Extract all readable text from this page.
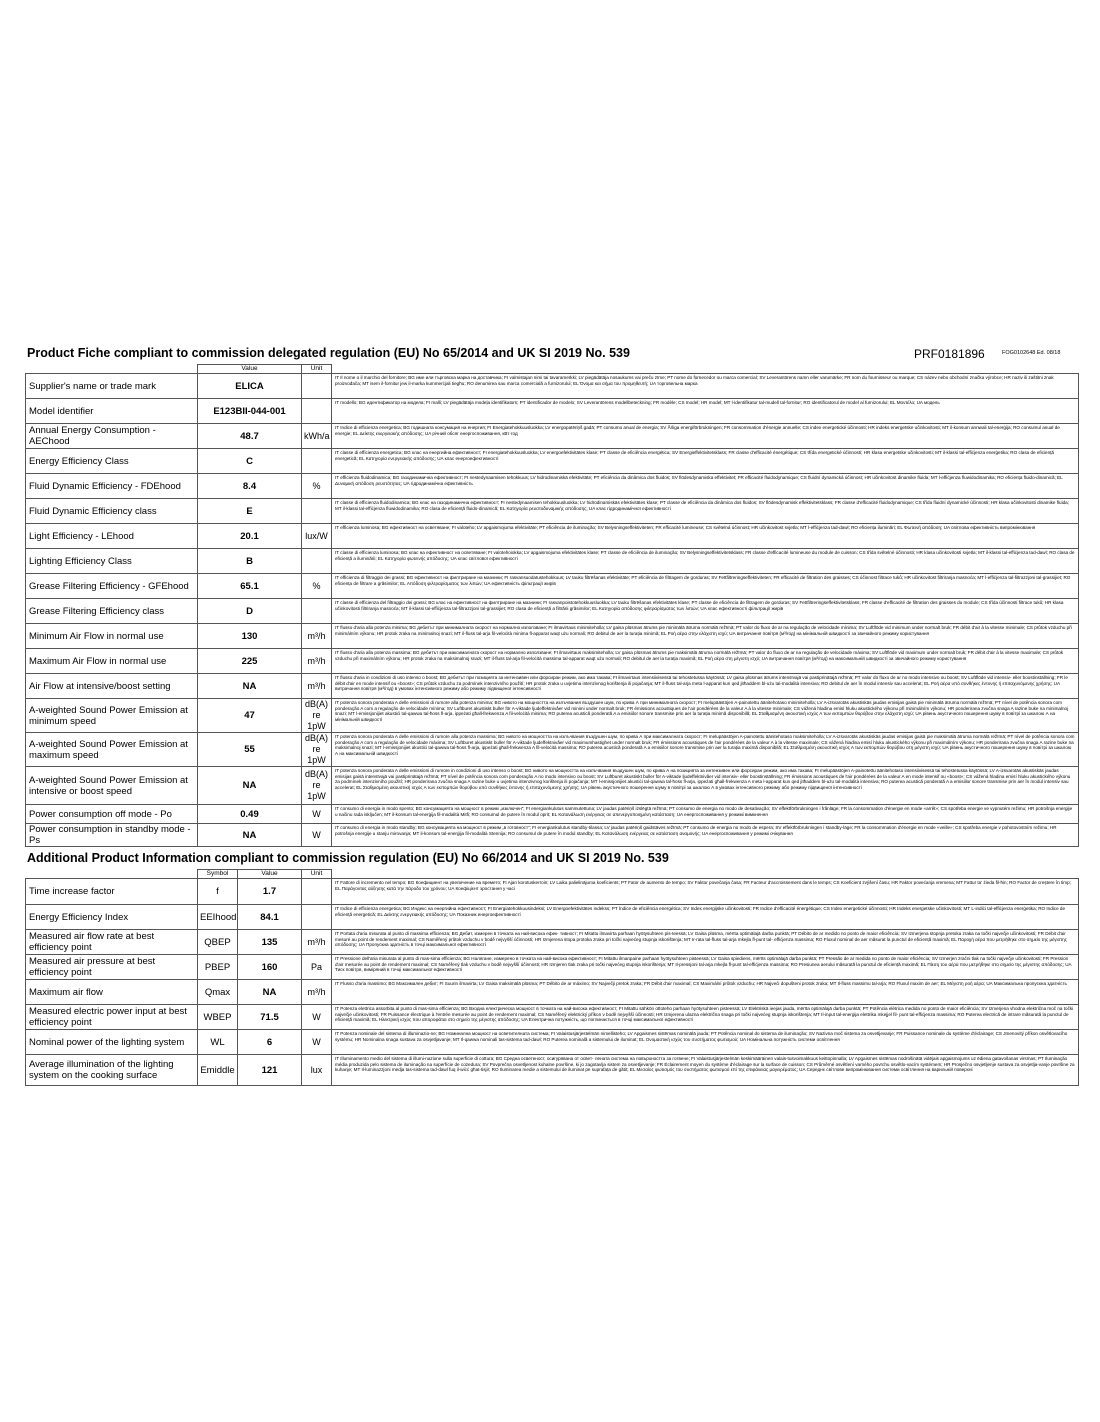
Product Fiche compliant to commission delegated regulation (EU) No 65/2014 and UK SI 2019 No. 539	PRF0181896	FOG0102648 Ed. 08/18
	Value	Unit	
Supplier's name or trade mark	ELICA		IT Il nome o il marchio del fornitore; BG име или търговска марка на доставчика; FI valmistajan nimi tai tavaramerkki; LV piegādātāja nosaukums vai preču zīme; PT nome do fornecedor ou marca comercial; SV Leverantörens namn eller varumärke; FR nom du fournisseur ou marque; CS název nebo obchodní značka výrobce; HR naziv ili zaštitni znak proizvođača; MT isem il-fornitur jew il-marka kummerċjali tiegħu; RO denumirea sau marca comercială a furnizorului; EL Όνομα και σήμα του προμηθευτή; UA торговельна марка
Model identifier	E123BII-044-001		IT modello; BG идентификатор на модела; FI malli; LV piegādātāja modeļa identifikators; PT identificador de modelo; SV Leverantörens modellbeteckning; FR modèle; CS model; HR model; MT l-identifikatur tal-mudell tal-fornitur; RO identificatorul de model al furnizorului; EL Μοντέλο; UA модель
Annual Energy Consumption - AEChood	48.7	kWh/a	IT Indice di efficienza energetica; BG годишната консумация на енергия; FI Energiatehokkuusluokka; LV energopatēriņš gadā; PT consumo anual de energia; SV Årliga energiförbrukningen; FR consommation d'énergie annuelle; CS index energetické účinnosti; HR indeks energetske učinkovitosti; MT il-konsum annwali tal-enerġija; RO consumul anual de energie; EL Δείκτης ενεργειακής απόδοσης; UA річний обсяг енергоспоживання, кВт·год
Energy Efficiency Class	C		IT classe di efficienza energetica; BG клас на енергийна ефективност; FI energiatehokkuusluokka; LV energoefektivitātes klase; PT classe de eficiência energética; SV Energieffektivitetsklass; FR classe d'efficacité énergétique; CS třída energetické účinnosti; HR klasa energetske učinkovitosti; MT il-klassi tal-effiċjenza enerġetika; RO clasa de eficiență energetică; EL Κατηγορία ενεργειακής απόδοσης; UA клас енергоефективності
Fluid Dynamic Efficiency - FDEhood	8.4	%	IT efficienza fluidodinamica; BG газодинамична ефективност; FI nestedynaamisen tehokkuus; LV hidrodinamiskā efektivitāte; PT eficiência da dinâmica dos fluidos; SV flödesdynamiska effektivitet; FR efficacité fluidodynamique; CS fluidní dynamická účinnost; HR učinkovitost dinamike fluida; MT l-effiċjenza fluwidodinamika; RO eficiența fluido-dinamică; EL Δυναμική απόδοση ρευστότητας; UA гідродинамічна ефективність
Fluid Dynamic Efficiency class	E		IT classe di efficienza fluidodinamica; BG клас на газодинамична ефективност; FI nestedynaamisen tehokkuusluokka; LV hidrodinamiskās efektivitātes klase; PT classe de eficiência da dinâmica dos fluidos; SV flödesdynamisk effektivitetsklass; FR classe d'efficacité fluidodynamique; CS třída fluidní dynamické účinnosti; HR klasa učinkovitosti dinamike fluida; MT il-klassi tal-effiċjenza fluwidodinamika; RO clasa de eficiență fluido-dinamică; EL Κατηγορία ρευστοδυναμικής απόδοσης; UA клас гідродинамічної ефективності
Light Efficiency - LEhood	20.1	lux/W	IT efficienza luminosa; BG ефективност на осветяване; FI valotehо; LV apgaismojuma efektivitāte; PT eficiência de iluminação; SV Belysningseffektiviteten; FR efficacité lumineuse; CS světelná účinnost; HR učinkovitost svjetla; MT l-effiċjenza tad-dawl; RO eficiența iluminări; EL Φωτεινή απόδοση; UA світлова ефективність випромінювання
Lighting Efficiency Class	B		IT classe di efficienza luminosa; BG клас на ефективност на осветяване; FI valotehoiokka; LV apgaismojuma efektivitātes klase; PT classe de eficiência de iluminação; SV Belysningseffektivitetsklass; FR classe d'efficacité lumineuse du module de cuisson; CS třída světelné účinnosti; HR klasa učinkovitosti svjetla; MT il-klassi tal-effiċjenza tad-dawl; RO clasa de eficiență a iluminării; EL Κατηγορία φωτεινής απόδοσης; UA клас світлової ефективності
Grease Filtering Efficiency - GFEhood	65.1	%	IT efficienza di filtraggio dei grassi; BG ефективност на филтриране на мазнини; FI rasvansuodatustehokkuus; LV tauku filtrēšanas efektivitāte; PT eficiência de filtragem de gorduras; SV Fettfiltreringseffektiviteten; FR efficacité de filtration des graisses; CS účinnost filtrace tuků; HR učinkovitost filtriranja masnoća; MT l-effiċjenza tal-filtrazzjoni tal-grassijiet; RO eficiența de filtrare a grăsimilor; EL Απόδοση φιλτραρίσματος των λιπών; UA ефективність фільтрації жирів
Grease Filtering Efficiency class	D		IT classe di efficienza del filtraggio dei grassi; BG клас на ефективност на филтриране на мазнини; FI rasvanpoistotehokkuusluokka; LV tauku filtrēšanas efektivitātes klase; PT classe de eficiência de filtragem de gorduras; SV Fettfiltreringseffektivitetsklass; FR classe d'efficacité de filtration des graisses du module; CS třída účinnosti filtrace tuků; HR klasa učinkovitosti filtriranja masnoća; MT il-klassi tal-effiċjenza tal-filtrazzjoni tal-grassijiet; RO clasa de eficiență a filtrării grăsimilor; EL Κατηγορία απόδοσης φιλτραρίσματος των λιπών; UA клас ефективності фільтрації жирів
Minimum Air Flow in normal use	130	m³/h	IT flusso d'aria alla potenza minima; BG дебитът при минималната скорост на нормално използване; FI ilmavirtaus minimiteholla; LV gaisa plūsmas ātrums pie minimālā ātruma normālā režīmā; PT valor do fluxo de ar na regulação de velocidade mínima; SV Luftflöde vid minimum under normalt bruk; FR débit d'air à la vitesse minimale; CS průtok vzduchu při minimálním výkonu; HR protok zraka na minimalnoj snazi; MT il-fluss tal-arja fil-veloċità minima fl-apparat waqt użu normali; RO debitul de aer la turația minimă; EL Ροή αέρα στην ελάχιστη ισχύ; UA витрачання повітря (м³/год) на мінімальній швидкості за звичайного режиму користування
Maximum Air Flow in normal use	225	m³/h	IT flusso d'aria alla potenza massima; BG дебитът при максималната скорост на нормално използване; FI ilmavirtaus maksimiteholla; LV gaisa plūsmas ātrums pie maksimālā ātruma normālā režīmā; PT valor do fluxo de ar na regulação de velocidade máxima; SV Luftflöde vid maximum under normalt bruk; FR débit d'air à la vitesse maximale; CS průtok vzduchu při maximálním výkonu; HR protok zraka na maksimalnoj snazi; MT il-fluss tal-arja fil-veloċità massima tal-apparat waqt użu normali; RO debitul de aer la turația maximă; EL Ροή αέρα στη μέγιστη ισχύ; UA витрачання повітря (м³/год) на максимальній швидкості за звичайного режиму користування
Air Flow at intensive/boost setting	NA	m³/h	IT flusso d'aria in condizioni di uso intenso o boost; BG дебитът при позицията за интензивен или форсиран режим, ако има такава; FI ilmavirtaus intensiivisessä tai tehostetussa käytössä; LV gaisa plūsmas ātrums intensīvajā vai pastiprinātajā režīmā; PT valor do fluxo de ar no modo intensivo ou boost; SV Luftflöde vid intensiv- eller boostinställning; FR le débit d'air en mode intensif ou «boost»; CS průtok vzduchu za podmínek intenzivního použití; HR protok zraka u uvjetima intenzivnog korištenja ili pojačanja; MT il-fluss tal-arja meta l-apparat kun qed jitħaddem bl-użu tal-modalità intensiva; RO debitul de aer în modul intensiv sau accelerat; EL Ροή αέρα υπό συνθήκες έντονης ή επιταχυνόμενης χρήσης; UA витрачання повітря (м³/год) в умовах інтенсивного режиму або режиму підвищеної інтенсивності
A-weighted Sound Power Emission at minimum speed	47	dB(A) re 1pW	IT potenza sonora ponderata A delle emissioni di rumore alla potenza minima; BG нивото на мощността на излъчвания въздушен шум, по крива А при минималната скорост; FI melupäästöjen A-painotettu äänitehotaso minimiteholla; LV A-izsvarotās akustiskās jaudas emisijas gaisā pie minimālā ātruma normālā režīmā; PT nível de potência sonora com ponderação A com a regulação de velocidade mínima; SV Luftburet akustiskt buller för A-viktade ljudeffektnivåer vid minimi under normalt bruk; FR émissions acoustiques de l'air pondérées de la valeur A à la vitesse minimale; CS vážená hladina emisí hluku akustického výkonu při minimálním výkonu; HR ponderirana zvučna snaga A razine buke na minimalnoj snazi; MT l-emissjonijiet akustiċi tal-qawwa tal-ħoss fl-arja, ippeżati għall-frekwenza A fil-veloċità minima; RO puterea acustică ponderată A a emisiilor sonore transmise prin aer la turația minimă disponibilă; EL Σταθμισμένη ακουστική ισχύς Α των εκπομπών θορύβου στην ελάχιστη ισχύ; UA рівень акустичного пошерення шуму в повітрі за шкалою А на мінімальній швидкості
A-weighted Sound Power Emission at maximum speed	55	dB(A) re 1pW	IT potenza sonora ponderata A delle emissioni di rumore alla potenza massima; BG нивото на мощността на излъчвания въздушен шум, по крива А при максималната скорост; FI melupäästöjen A-painotettu äänitehotaso maksimiteholla; LV A-izsvarotās akustiskās jaudas emisijas gaisā pie maksimālā ātruma normālā režīmā; PT nível de potência sonora com ponderação A com a regulação de velocidade máxima; SV Luftburet akustiskt buller för A-viktade ljudeffektnivåer vid maximumhastighet under normalt bruk; FR émissions acoustiques de l'air pondérées de la valeur A à la vitesse maximale; CS vážená hladina emisí hluku akustického výkonu při maximálním výkonu; HR ponderirana zvučna snaga A razine buke na maksimalnoj snazi; MT l-emissjonijiet akustiċi tal-qawwa tal-ħoss fl-arja, ippeżati għall-frekwenza A fil-veloċità massima; RO puterea acustică ponderată A a emisiilor sonore transmise prin aer la turația maximă disponibilă; EL Σταθμισμένη ακουστική ισχύς Α των εκπομπών θορύβου στη μέγιστη ισχύ; UA рівень акустичного пошерення шуму в повітрі за шкалою А на максимальній швидкості
A-weighted Sound Power Emission at intensive or boost speed	NA	dB(A) re 1pW	IT potenza sonora ponderata A delle emissioni di rumore in condizioni di uso intenso o boost; BG нивото на мощността на излъчвания въздушен шум, по крива А на позицията за интензивен или форсиран режим, ако има такава; FI melupäästöjen A-painotettu äänitehotaso intensiivisessä tai tehostetussa käytössä; LV A-izsvarotās akustiskās jaudas emisijas gaisā intensīvajā vai pastiprinātajā režīmā; PT nível de potência sonora com ponderação A no modo intensivo ou boost; SV Luftburet akustiskt buller för A-viktade ljudeffektnivåer vid intensiv- eller boostinställning; FR émissions acoustiques de l'air pondérées de la valeur A en mode intensif ou «boost»; CS vážená hladina emisí hluku akustického výkonu za podmínek intenzivního použití; HR ponderirana zvučna snaga A razine buke u uvjetima intenzivnog korištenja ili pojačanja; MT l-emissjonijiet akustiċi tal-qawwa tal-ħoss fl-arja, ippeżati għall-frekwenza A meta l-apparat kun qed jitħaddem bl-użu tal-modalità intensiva; RO puterea acustică ponderată A a emisiilor sonore transmise prin aer în modul intensiv sau accelerat; EL Σταθμισμένη ακουστική ισχύς Α των εκπομπών θορύβου υπό συνθήκες έντονης ή επιταχυνόμενης χρήσης; UA рівень акустичного пошерення шуму в повітрі за шкалою А в умовах інтенсивного режиму або режиму підвищеної інтенсивності
Power consumption off mode - Po	0.49	W	IT consumo di energia in modo spento; BG консумацията на мощност в режим „изключен“; FI energiankulutus sammutettuna; LV jaudas patēriņš izslēgtā režīmā; PT consumo de energia no modo de desativação; SV effektförbrukningen i frånläge; FR la consommation d'énergie en mode «arrêt»; CS spotřeba energie ve vypnutém režimu; HR potrošnja energije u načinu rada isključen; MT il-konsum tal-enerġija fil-modalità Mitfi; RO consumul de putere în modul oprit; EL Κατανάλωση ενέργειας σε απενεργοποιημένη κατάσταση; UA енергоспоживання у режимі вимкнення
Power consumption in standby mode - Ps	NA	W	IT consumo di energia in modo standby; BG консумацията на мощност в режим „в готовност“; FI energiankulutus standby-tilassa; LV jaudas patēriņš gaidstāves režīmā; PT consumo de energia no modo de espera; SV effektförbrukningen i standby-läge; FR la consommation d'énergie en mode «veille»; CS spotřeba energie v pohotovostním režimu; HR potrošnja energije u stanju mirovanja; MT il-konsum tal-enerġija fil-modalità Stennija; RO consumul de putere în modul standby; EL Κατανάλωση ενέργειας σε κατάσταση αναμονής; UA енергоспоживання у режимі очікування
Additional Product Information compliant to commission regulation (EU) No 66/2014 and UK SI 2019 No. 539
	Symbol	Value	Unit	
Time increase factor	f	1.7		IT Fattore di incremento nel tempo; BG Коефициент на увеличение на времето; FI Ajan korotuskerroin; LV Laika palielinājuma koeficients; PT Fator de aumento de tempo; SV Faktor povečanja časa; FR Facteur d'accroissement dans le temps; CS Koeficient zvýšení času; HR Faktor povećanja vremena; MT Fattur ta' żieda fil-ħin; RO Factor de creștere în timp; EL Παράγοντας αύξησης κατά την πάροδο του χρόνου; UA Коефіцієнт зростання у часі
Energy Efficiency Index	EEIhood	84.1		IT Indice di efficienza energetica; BG Индекс на енергийна ефективност; FI Energiatehokkuusindeksi; LV Energoefektivitātes indekss; PT Índice de eficiência energética; SV Index energijske učinkovitosti; FR Indice d'efficacité énergétique; CS Index energetické účinnosti; HR Indeks energetske učinkovitosti; MT L-indiċi tal-effiċjenza enerġetika; RO Indice de eficiență energetică; EL Δείκτης ενεργειακής απόδοσης; UA Показник енергоефективності
Measured air flow rate at best efficiency point	QBEP	135	m³/h	IT Portata d'aria misurata al punto di massima efficienza; BG Дебит, измерен в точката на най-висока ефек- тивност; FI Mitattu ilmavirta parhaan hyötysuhteen pis-teessä; LV Gaisa plūsma, mērīta optimālajā darba punktā; PT Débito de ar medido no ponto de maior eficiência; SV Izmerjena stopnja pretoka zraka na točki največje učinkovitosti; FR Débit d'air mesuré au point de rendement maximal; CS Naměřený průtok vzduchu v bodě nejvyšší účinnosti; HR Izmjerena stopa protoka zraka pri točki najvećeg stupnja iskorištenja; MT Ir-rata tal-fluss tal-arja mkejla fl-punt tal- effiċjenza massima; RO Fluxul nominal de aer măsurat la punctul de eficiență maximă; EL Παροχή αέρα που μετρήθηκε στο σημείο της μέγιστης απόδοσης; UA Пропускна здатність в точці максимальної ефективності
Measured air pressure at best efficiency point	PBEP	160	Pa	IT Pressione dell'aria misurata al punto di mas-sima efficienza; BG Налягане, измерено в точката на най-висока ефективност; FI Mitattu ilmanpaine parhaan hyötysuhteen pisteessä; LV Gaisa spiediens, mērīts optimālajā darba punktā; PT Pressão de ar medida no ponto de maior eficiência; SV Izmerjen zračni tlak na točki največje učinkovitosti; FR Pression d'air mesurée au point de rendement maximal; CS Naměřený tlak vzduchu v bodě nejvyšší účinnosti; HR Izmjeren tlak zraka pri točki najvećeg stupnja iskorištenja; MT Il-pressjoni tal-arja mkejla fl-punt tal-effiċjenza massima; RO Presiunea aerului măsurată la punctul de eficiență maximă; EL Πίεση του αέρα που μετρήθηκε στο σημείο της μέγιστης απόδοσης; UA Тиск повітря, виміряний в точці максимальної ефективності
Maximum air flow	Qmax	NA	m³/h	IT Flusso d'aria massimo; BG Максимален дебит; FI Suurin ilmavirta; LV Gaisa maksimālā plūsma; PT Débito de ar máximo; SV Največji pretok zraka; FR Débit d'air maximal; CS Maximální průtok vzduchu; HR Najveći dopušteni protok zraka; MT Il-fluss massimu tal-arja; RO Fluxul maxim de aer; EL Μέγιστη ροή αέρα; UA Максимальна пропускна здатність
Measured electric power input at best efficiency point	WBEP	71.5	W	IT Potenza elettrica assorbita al punto di mas-sima efficienza; BG Входна електрическа мощност в точката на най-висока ефективност; FI Mitattu sähkön ottoteho parhaan hyötysuhteen pisteessä; LV Elektriskā ieejas jauda, mērīta optimālajā darba punktā; PT Potência elétrica medida no ponto de maior eficiência; SV Izmerjena vhodna električna moč na točki največje učinkovitosti; FR Puissance électrique à l'entrée mesurée au point de rendement maximal; CS Naměřený elektrický příkon v bodě nejvyšší účinnosti; HR Izmjerena ulazna električna snaga pri točki najvećeg stupnja iskorištenja; MT Il-input tal-enerġija elettrika mkejjel fil- punt tal-effiċjenza massima; RO Puterea electrică de intrare măsurată la punctul de eficiență maximă; EL Ηλεκτρική ισχύς που αποροφάται στο σημείο της μέγιστης απόδοσης; UA Електрична потужність, що поглинається в точці максимальної ефективності
Nominal power of the lighting system	WL	6	W	IT Potenza nominale del sistema di illuminazio-ne; BG Номинална мощност на осветителната система; FI Valaistusjärjestelmän nimellisteho; LV Apgaismes sistēmas nominālā jauda; PT Potência nominal do sistema de iluminação; SV Nazivna moč sistema za osvetljevanje; FR Puissance nominale du système d'éclairage; CS Jmenovitý příkon osvětlovacího systému; HR Nominalna snaga sustava za osvjetljavanje; MT Il-qawwa nominali tas-sistema tad-dawl; RO Puterea nominală a sistemului de iluminat; EL Ονομαστική ισχύς του συστήματος φωτισμού; UA Номінальна потужність системи освітлення
Average illumination of the lighting system on the cooking surface	Emiddle	121	lux	IT Illuminamento medio del sistema di illumi-nazione sulla superficie di cottura; BG Средна осветеност, осигурявана от освет- лената система на повърхността за готвене; FI Valaistusjärjestelmän keskimääräinen valais-tusvoimakkuus keittopinnalla; LV Apgaismes sistēmas nodrošinātā vidējais apgaismojums uz ēdiena gatavošanas virsmas; PT Iluminação média produzida pelo sistema de iluminação na superfície de cozedura; SV Povprečna osvetljenost kuhalne površine, ki jo zagotavlja sistem za osvetljevanje; FR Éclairement moyen du système d'éclairage sur la surface de cuisson; CS Průměrné osvětlení varného povrchu osvětlo-vacím systémem; HR Prosječno osvjetljenje sustava za osvjetlja-vanje površine za kuhanje; MT Il-luminazzjoni medja tas-sistema tad-dawl fuq il-wiċċ għat-tisjir; RO Iluminarea medie a sistemului de iluminat pe suprafața de gătit; EL Μεσαίος φωτισμός του συστήματος φωτισμού επί της επιφάνειας μαγειρέματος; UA Середнє світлове випромінювання системи освітлення на варильній поверхні
